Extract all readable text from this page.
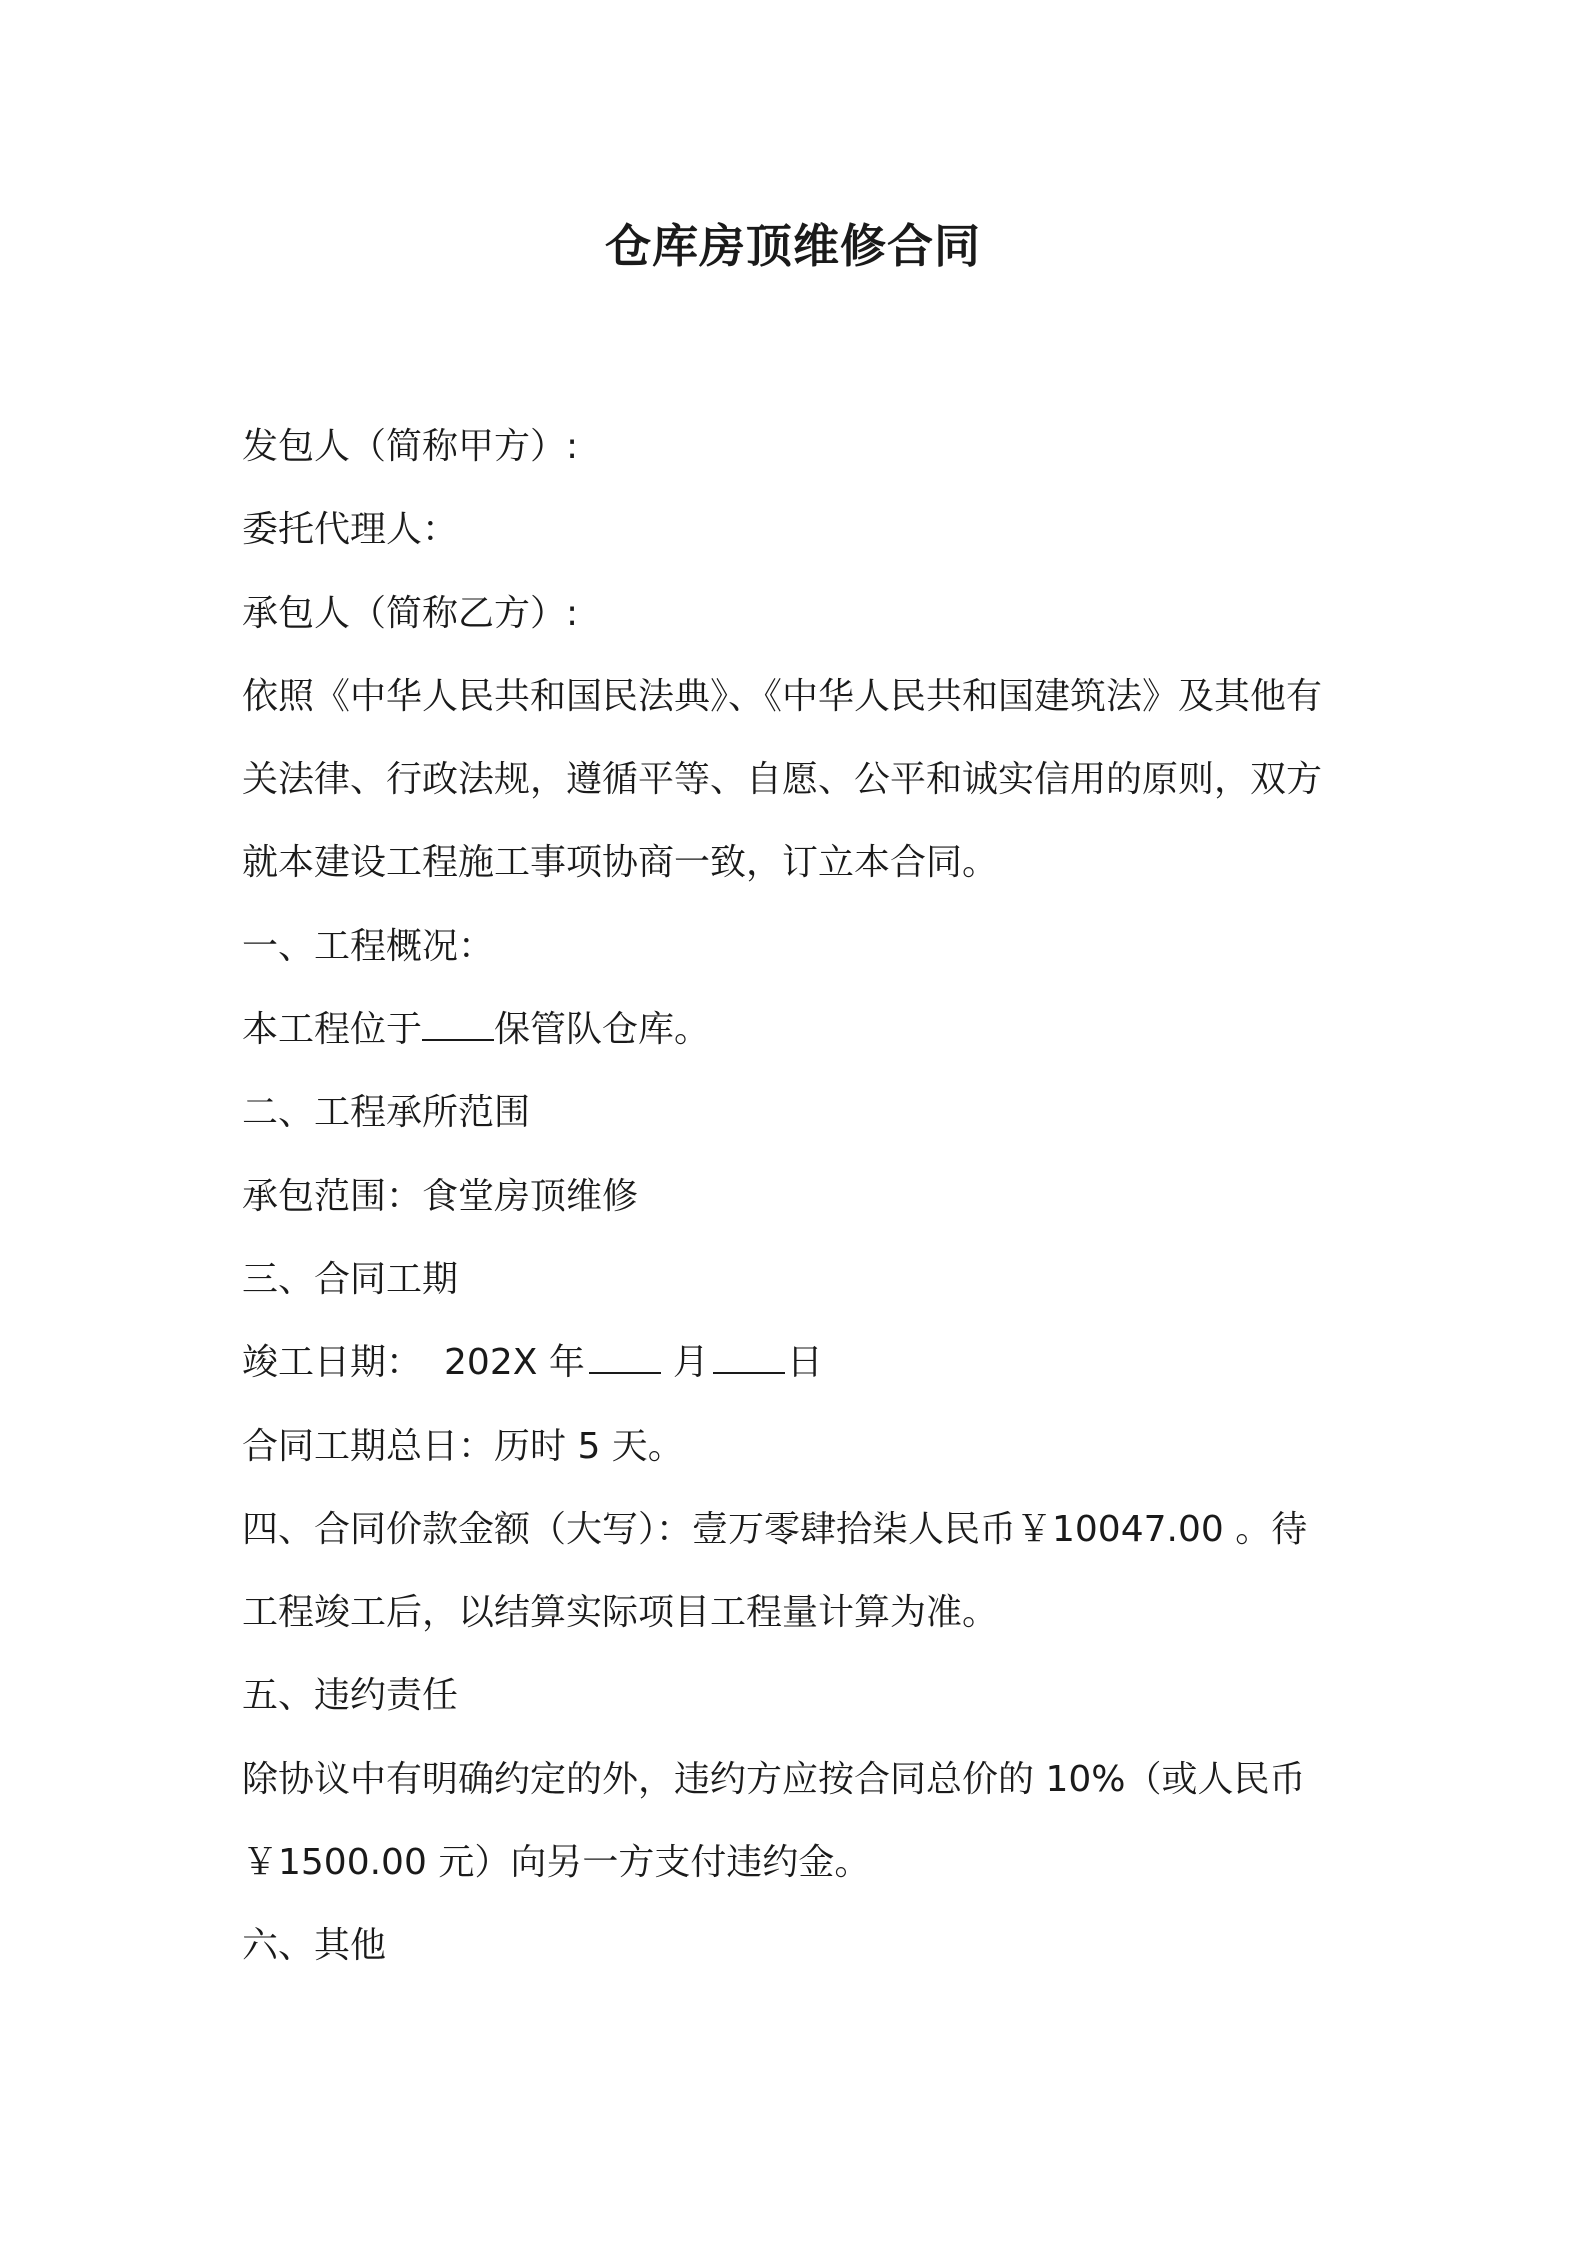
仓库房顶维修合同
发包人（简称甲方）:
委托代理人：
承包人（简称乙方）:
依照《中华人民共和国民法典》、《中华人民共和国建筑法》及其他有
关法律、行政法规，遵循平等、自愿、公平和诚实信用的原则，双方
就本建设工程施工事项协商一致，订立本合同。
一、工程概况：
本工程位于 保管队仓库。
二、工程承所范围
承包范围：食堂房顶维修
三、合同工期
竣工日期： 202X 年 月 日
合同工期总日：历时 5 天。
四、合同价款金额（大写）：壹万零肆拾柒人民币￥10047.00 。待
工程竣工后，以结算实际项目工程量计算为准。
五、违约责任
除协议中有明确约定的外，违约方应按合同总价的 10%（或人民币
￥1500.00 元）向另一方支付违约金。
六、其他
